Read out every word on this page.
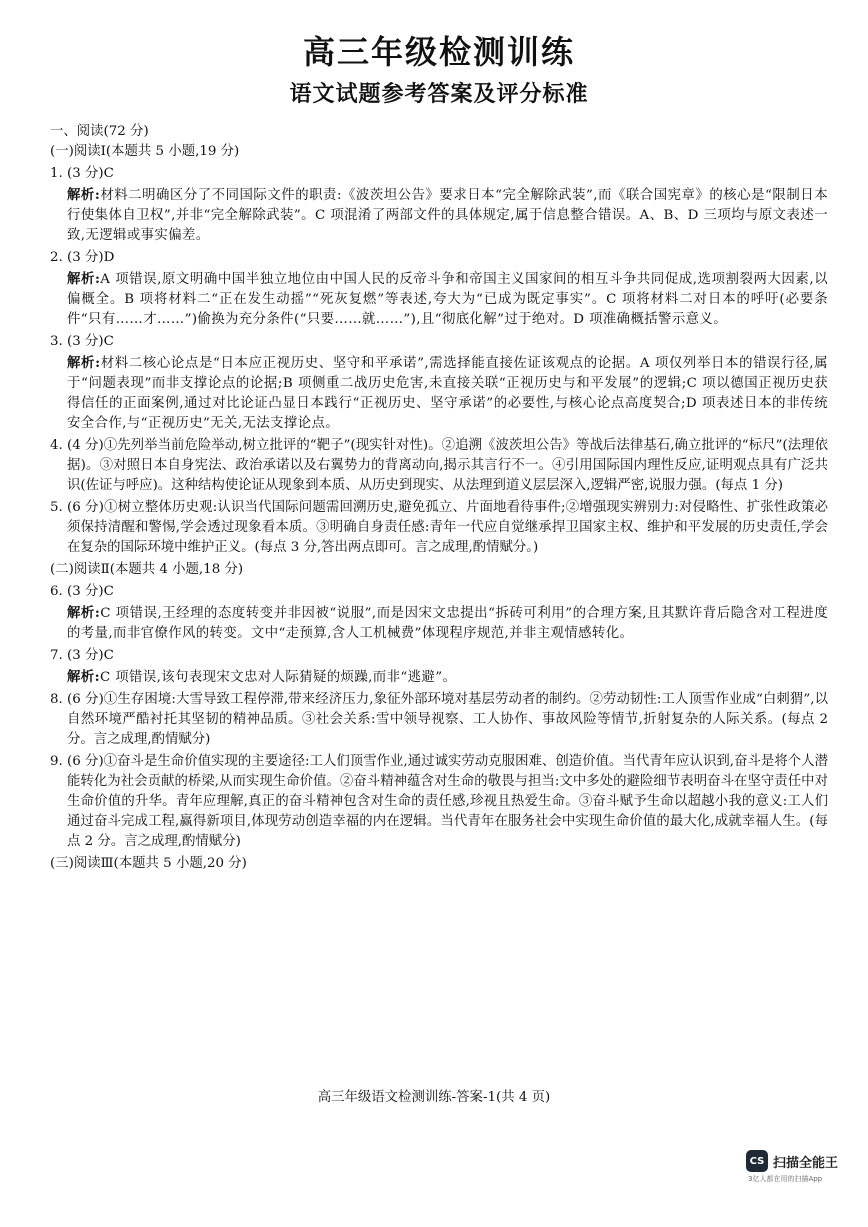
高三年级检测训练
语文试题参考答案及评分标准

一、阅读(72 分)

(一)阅读Ⅰ(本题共 5 小题,19 分)

1. (3 分)C

解析:材料二明确区分了不同国际文件的职责:《波茨坦公告》要求日本“完全解除武装”,而《联合国宪章》的核心是“限制日本行使集体自卫权”,并非“完全解除武装”。C 项混淆了两部文件的具体规定,属于信息整合错误。A、B、D 三项均与原文表述一致,无逻辑或事实偏差。

2. (3 分)D

解析:A 项错误,原文明确中国半独立地位由中国人民的反帝斗争和帝国主义国家间的相互斗争共同促成,选项割裂两大因素,以偏概全。B 项将材料二“正在发生动摇”“死灰复燃”等表述,夸大为“已成为既定事实”。C 项将材料二对日本的呼吁(必要条件“只有……才……”)偷换为充分条件(“只要……就……”),且“彻底化解”过于绝对。D 项准确概括警示意义。

3. (3 分)C

解析:材料二核心论点是“日本应正视历史、坚守和平承诺”,需选择能直接佐证该观点的论据。A 项仅列举日本的错误行径,属于“问题表现”而非支撑论点的论据;B 项侧重二战历史危害,未直接关联“正视历史与和平发展”的逻辑;C 项以德国正视历史获得信任的正面案例,通过对比论证凸显日本践行“正视历史、坚守承诺”的必要性,与核心论点高度契合;D 项表述日本的非传统安全合作,与“正视历史”无关,无法支撑论点。

4. (4 分)①先列举当前危险举动,树立批评的“靶子”(现实针对性)。②追溯《波茨坦公告》等战后法律基石,确立批评的“标尺”(法理依据)。③对照日本自身宪法、政治承诺以及右翼势力的背离动向,揭示其言行不一。④引用国际国内理性反应,证明观点具有广泛共识(佐证与呼应)。这种结构使论证从现象到本质、从历史到现实、从法理到道义层层深入,逻辑严密,说服力强。(每点 1 分)

5. (6 分)①树立整体历史观:认识当代国际问题需回溯历史,避免孤立、片面地看待事件;②增强现实辨别力:对侵略性、扩张性政策必须保持清醒和警惕,学会透过现象看本质。③明确自身责任感:青年一代应自觉继承捍卫国家主权、维护和平发展的历史责任,学会在复杂的国际环境中维护正义。(每点 3 分,答出两点即可。言之成理,酌情赋分。)

(二)阅读Ⅱ(本题共 4 小题,18 分)

6. (3 分)C

解析:C 项错误,王经理的态度转变并非因被“说服”,而是因宋文忠提出“拆砖可利用”的合理方案,且其默许背后隐含对工程进度的考量,而非官僚作风的转变。文中“走预算,含人工机械费”体现程序规范,并非主观情感转化。

7. (3 分)C

解析:C 项错误,该句表现宋文忠对人际猜疑的烦躁,而非“逃避”。

8. (6 分)①生存困境:大雪导致工程停滞,带来经济压力,象征外部环境对基层劳动者的制约。②劳动韧性:工人顶雪作业成“白刺猬”,以自然环境严酷衬托其坚韧的精神品质。③社会关系:雪中领导视察、工人协作、事故风险等情节,折射复杂的人际关系。(每点 2 分。言之成理,酌情赋分)

9. (6 分)①奋斗是生命价值实现的主要途径:工人们顶雪作业,通过诚实劳动克服困难、创造价值。当代青年应认识到,奋斗是将个人潜能转化为社会贡献的桥梁,从而实现生命价值。②奋斗精神蕴含对生命的敬畏与担当:文中多处的避险细节表明奋斗在坚守责任中对生命价值的升华。青年应理解,真正的奋斗精神包含对生命的责任感,珍视且热爱生命。③奋斗赋予生命以超越小我的意义:工人们通过奋斗完成工程,赢得新项目,体现劳动创造幸福的内在逻辑。当代青年在服务社会中实现生命价值的最大化,成就幸福人生。(每点 2 分。言之成理,酌情赋分)

(三)阅读Ⅲ(本题共 5 小题,20 分)

高三年级语文检测训练-答案-1(共 4 页)
CS 扫描全能王
3亿人都在用的扫描App
